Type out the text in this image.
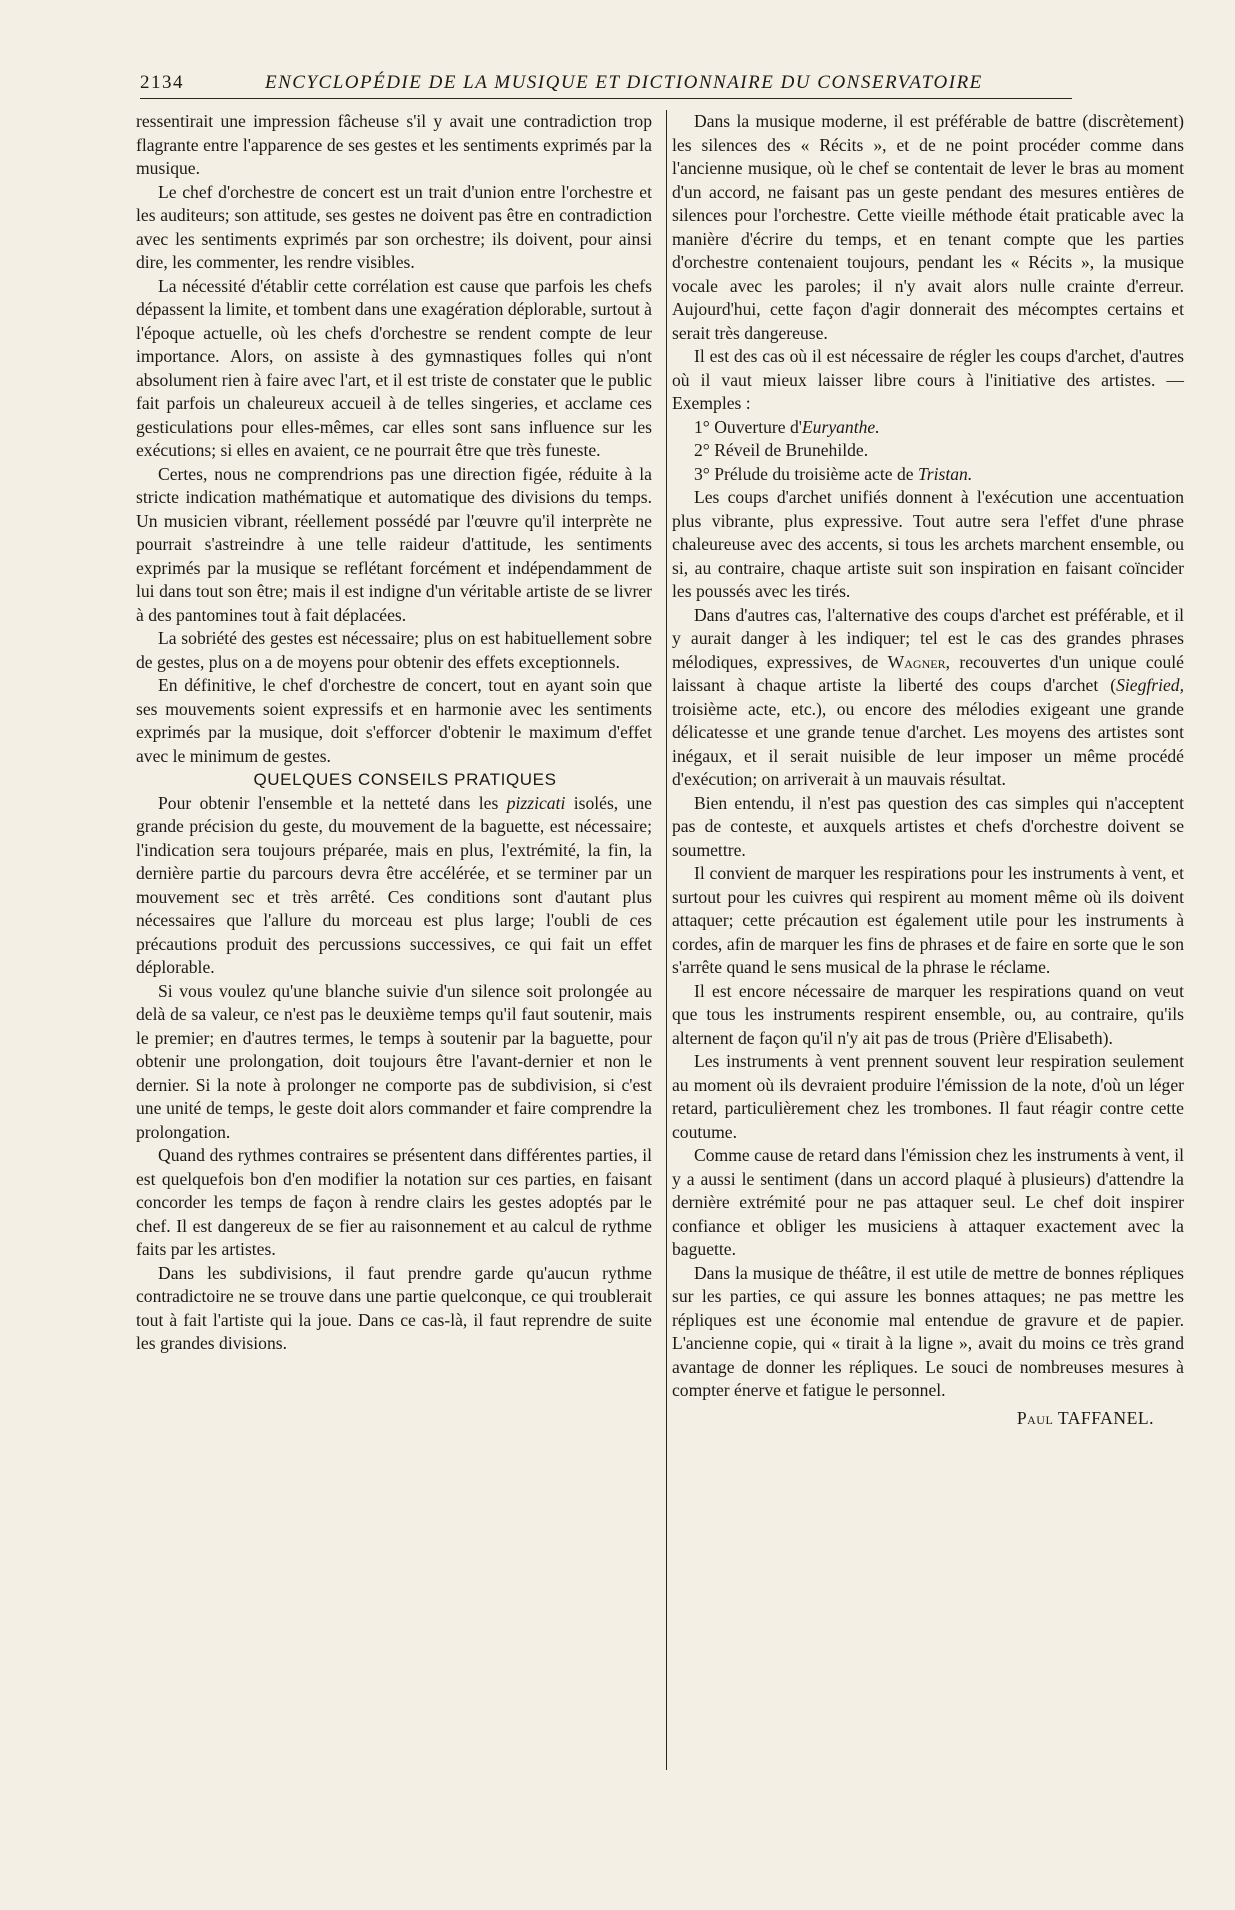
2134	ENCYCLOPÉDIE DE LA MUSIQUE ET DICTIONNAIRE DU CONSERVATOIRE

ressentirait une impression fâcheuse s'il y avait une contradiction trop flagrante entre l'apparence de ses gestes et les sentiments exprimés par la musique.

Le chef d'orchestre de concert est un trait d'union entre l'orchestre et les auditeurs; son attitude, ses gestes ne doivent pas être en contradiction avec les sentiments exprimés par son orchestre; ils doivent, pour ainsi dire, les commenter, les rendre visibles.

La nécessité d'établir cette corrélation est cause que parfois les chefs dépassent la limite, et tombent dans une exagération déplorable, surtout à l'époque actuelle, où les chefs d'orchestre se rendent compte de leur importance. Alors, on assiste à des gymnastiques folles qui n'ont absolument rien à faire avec l'art, et il est triste de constater que le public fait parfois un chaleureux accueil à de telles singeries, et acclame ces gesticulations pour elles-mêmes, car elles sont sans influence sur les exécutions; si elles en avaient, ce ne pourrait être que très funeste.

Certes, nous ne comprendrions pas une direction figée, réduite à la stricte indication mathématique et automatique des divisions du temps. Un musicien vibrant, réellement possédé par l'œuvre qu'il interprète ne pourrait s'astreindre à une telle raideur d'attitude, les sentiments exprimés par la musique se reflétant forcément et indépendamment de lui dans tout son être; mais il est indigne d'un véritable artiste de se livrer à des pantomines tout à fait déplacées.

La sobriété des gestes est nécessaire; plus on est habituellement sobre de gestes, plus on a de moyens pour obtenir des effets exceptionnels.

En définitive, le chef d'orchestre de concert, tout en ayant soin que ses mouvements soient expressifs et en harmonie avec les sentiments exprimés par la musique, doit s'efforcer d'obtenir le maximum d'effet avec le minimum de gestes.

QUELQUES CONSEILS PRATIQUES

Pour obtenir l'ensemble et la netteté dans les pizzicati isolés, une grande précision du geste, du mouvement de la baguette, est nécessaire; l'indication sera toujours préparée, mais en plus, l'extrémité, la fin, la dernière partie du parcours devra être accélérée, et se terminer par un mouvement sec et très arrêté. Ces conditions sont d'autant plus nécessaires que l'allure du morceau est plus large; l'oubli de ces précautions produit des percussions successives, ce qui fait un effet déplorable.

Si vous voulez qu'une blanche suivie d'un silence soit prolongée au delà de sa valeur, ce n'est pas le deuxième temps qu'il faut soutenir, mais le premier; en d'autres termes, le temps à soutenir par la baguette, pour obtenir une prolongation, doit toujours être l'avant-dernier et non le dernier. Si la note à prolonger ne comporte pas de subdivision, si c'est une unité de temps, le geste doit alors commander et faire comprendre la prolongation.

Quand des rythmes contraires se présentent dans différentes parties, il est quelquefois bon d'en modifier la notation sur ces parties, en faisant concorder les temps de façon à rendre clairs les gestes adoptés par le chef. Il est dangereux de se fier au raisonnement et au calcul de rythme faits par les artistes.

Dans les subdivisions, il faut prendre garde qu'aucun rythme contradictoire ne se trouve dans une partie quelconque, ce qui troublerait tout à fait l'artiste qui la joue. Dans ce cas-là, il faut reprendre de suite les grandes divisions.

Dans la musique moderne, il est préférable de battre (discrètement) les silences des « Récits », et de ne point procéder comme dans l'ancienne musique, où le chef se contentait de lever le bras au moment d'un accord, ne faisant pas un geste pendant des mesures entières de silences pour l'orchestre. Cette vieille méthode était praticable avec la manière d'écrire du temps, et en tenant compte que les parties d'orchestre contenaient toujours, pendant les « Récits », la musique vocale avec les paroles; il n'y avait alors nulle crainte d'erreur. Aujourd'hui, cette façon d'agir donnerait des mécomptes certains et serait très dangereuse.

Il est des cas où il est nécessaire de régler les coups d'archet, d'autres où il vaut mieux laisser libre cours à l'initiative des artistes. — Exemples :

1° Ouverture d'Euryanthe.

2° Réveil de Brunehilde.

3° Prélude du troisième acte de Tristan.

Les coups d'archet unifiés donnent à l'exécution une accentuation plus vibrante, plus expressive. Tout autre sera l'effet d'une phrase chaleureuse avec des accents, si tous les archets marchent ensemble, ou si, au contraire, chaque artiste suit son inspiration en faisant coïncider les poussés avec les tirés.

Dans d'autres cas, l'alternative des coups d'archet est préférable, et il y aurait danger à les indiquer; tel est le cas des grandes phrases mélodiques, expressives, de Wagner, recouvertes d'un unique coulé laissant à chaque artiste la liberté des coups d'archet (Siegfried, troisième acte, etc.), ou encore des mélodies exigeant une grande délicatesse et une grande tenue d'archet. Les moyens des artistes sont inégaux, et il serait nuisible de leur imposer un même procédé d'exécution; on arriverait à un mauvais résultat.

Bien entendu, il n'est pas question des cas simples qui n'acceptent pas de conteste, et auxquels artistes et chefs d'orchestre doivent se soumettre.

Il convient de marquer les respirations pour les instruments à vent, et surtout pour les cuivres qui respirent au moment même où ils doivent attaquer; cette précaution est également utile pour les instruments à cordes, afin de marquer les fins de phrases et de faire en sorte que le son s'arrête quand le sens musical de la phrase le réclame.

Il est encore nécessaire de marquer les respirations quand on veut que tous les instruments respirent ensemble, ou, au contraire, qu'ils alternent de façon qu'il n'y ait pas de trous (Prière d'Elisabeth).

Les instruments à vent prennent souvent leur respiration seulement au moment où ils devraient produire l'émission de la note, d'où un léger retard, particulièrement chez les trombones. Il faut réagir contre cette coutume.

Comme cause de retard dans l'émission chez les instruments à vent, il y a aussi le sentiment (dans un accord plaqué à plusieurs) d'attendre la dernière extrémité pour ne pas attaquer seul. Le chef doit inspirer confiance et obliger les musiciens à attaquer exactement avec la baguette.

Dans la musique de théâtre, il est utile de mettre de bonnes répliques sur les parties, ce qui assure les bonnes attaques; ne pas mettre les répliques est une économie mal entendue de gravure et de papier. L'ancienne copie, qui « tirait à la ligne », avait du moins ce très grand avantage de donner les répliques. Le souci de nombreuses mesures à compter énerve et fatigue le personnel.

Paul TAFFANEL.
